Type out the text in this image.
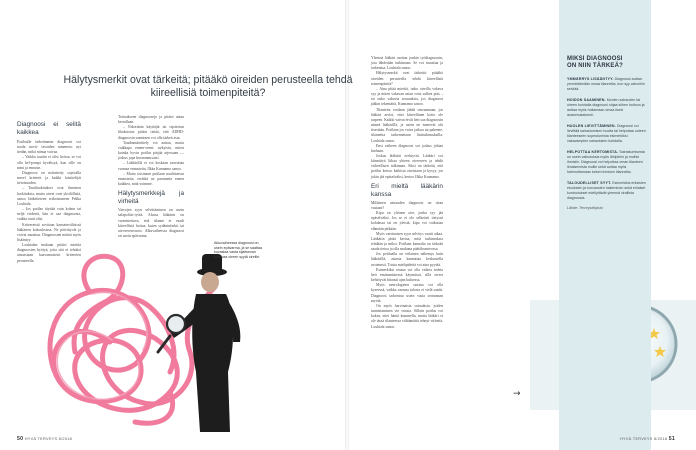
Hälytysmerkit ovat tärkeitä; pitääkö oireiden perusteella tehdä kiireellisiä toimenpiteitä?
Diagnoosi ei selitä kaikkea

Potilaalle tärkeämmin diagnoosi voi tuoda tarvit- tavaiden nimeneta: nyt tiedän, mikä minua vaivaa.

– Vaikka tautiin ei olisi hoitoa, se voi olla hel-pompi hyväksyä, kun sille on nimi ja ennuste.

Diagnoosi on määritetty sopivalla merel kriteerit ja kaikki käsittelijät tietoisuuden.

– Tautiluokitukset ovat ihmisten luokituksia, mutta oireet ovat yksilöllisiä, sanoo lääketieteen erikoistuneen Pekka Louhiala.

– Jos potilas täyttää vain kolme tai neljä viidestä, hän ei saa diagnoosia, vaikka tauti olisi.

Kriteereistä sovitaan kansainvälisissä lääkärien kokouksissa. Ne päivittyvät ja voivat muuttua. Diagnoosien määrä myös lisääntyy.

Louhialan mukaan pitäisi miettiä diagnoosien hyötyä, jotta sitä ei tehtäisi ainoastaan kaavamaisesti kriteerien perusteella.

Tottuakseen diagnooseja ja pitäisi antaa kerrallaan.

– Nikotiinin käyttäjät tai rajoitetun lihaksiston pitäisi tietää, että ADHD-diagnoosin saaminen voi olla tärkeä asia.

Taudinmäärittely voi auttaa, mutta vaikkapa ennen-seeni: nykyisin, miten kuinka hyvin potilas pärjää arjessaan — joskus jopa huononnuvasti.

– Lääkärillä ei voi koskaan saavuttaa varmaa ennustetta, Ilkka Kunnamo sanoo.

– Mutta toisinaan potilaan naulittaessa ennustetta, eivätkä ne paranneta ennen kaikkea, mitä voimme.

Hälytysmerkkejä ja virheitä

Vaivojen syyn selvittäminen on usein salapoliisi-työtä. Alussa lääkärin on varmistettava, että tilanne ei vaadi kiireellistä hoitoa, kuten sydäninfarkti tai aivoverenvuoto. Alkuvaiheessa diagnoosi on usein epävarma.

Alkuvaiheessa diagnoosi on usein epävarma, ja se saattaa kuvastaa vasta sijaitsevan toimivaa oireen syytä oireille.

Yleensä lääkäri asettaa jonkin työdiagnoosin, jota lähdetään tutkimaan. Se voi muuttua ja tarkentua, Louhiala sanoo.

Hälytysmerkit ovat tärkeitä: pitääkö oireiden perusteella tehdä kiireellisiä toimenpiteitä?

– Aina pitää miettiä, onko oireilla vakava syy ja miten vakavan asian voisi sulkea pois – tai onko vakavia seurauksia, jos diagnoosi jääkin tekemättä, Kunnamo sanoo.

Tilanteita voidaan jäädä seuraamaan, jos lääkäri arvioi, ettei kiireellinen hoito ole tarpeen. Kaikki vaivat eivät heti saa diagnoosin nimeä lääkärillä, ja usein ne menevät ohi itsestään. Potilaan jos vaiva jatkuu tai pahenee, tilannetta tarkennetaan lisätutkimuksilla, Louhiala sanoo.

Ensi vaiheen diagnoosi voi joskus johtaa harhaan.

Joskus lääkärit erehtyvät. Lääkäri voi kiinnittyä liikaa yhteen oireeseen ja tehdä virheellisen tulkinnan. Siksi on tärkeää, että potilas kertoo kaikista oireistaan ja kysyy, jos jokin jää epäselväksi, kertoo Ilkka Kunnamo.

Eri mieltä lääkärin kanssa

Millainen sairauden diagnoosi on ottaa vastaan?

Kipu on yleinen oire, jonka syy jää epäselväksi. Jos se ei ole selkeästi tietyssä kohdassa tai on yleistä, kipu voi vaikuttaa elämään pitkään.

Myös varsinaisen syyn selvitys vaatii aikaa. Lääkärin pitää kertoa, mitä tutkimuksia tehdään ja miksi. Potilaan kannalta on tärkeää saada tietoa ja olla mukana päätöksenteossa.

Jos potilaalla on erilainen näkemys kuin lääkärillä, asiasta kannattaa keskustella avoimesti. Toista mielipidettä voi aina pyytää.

Esimerkiksi reuma voi olla vaikea todeta heti ensimmäisessä käynnissä, sillä oireet kehittyvät hitaasti ajan kuluessa.

Myös neurologinen sairaus voi olla kyseessä, vaikka varmaa tulosta ei vielä saada. Diagnoosi tarkentuu usein vasta seurannan myötä.

On myös harvinaisia sairauksia, joiden tunnistaminen vie vuosia. Silloin potilas voi kokea, ettei häntä kuunnella, mutta lääkäri ei ole tässä tilanteessa välttämättä tehnyt virhettä, Louhiala sanoo.

MIKSI DIAGNOOSI
ON NIIN TÄRKEÄ?
YMMÄRRYS LISÄÄNTYY. Diagnoosi auttaa ymmärtämään omaa tilannetta, kun syy vaivoihin selviää.
HOIDON SAAMINEN. Monien sairauden tai oireen kohdalla diagnoosi ohjaa siihen hoitoon ja auttaa myös hoitamaan omaa itseä asianmukaisesti.
HUOLEN LIEVITTÄMINEN. Diagnoosi voi lievittää sairastumisen huolta tai helpottaa uuteen tilanteeseen sopeutumista esimerkiksi vakavampien sairauksien kohdalla.
HELPOTTAA KERTOMISTA. Sairastumisesta on usein vaikutuksia myös lähipiiriin ja muihin ihmisiin. Diagnoosi voi helpottaa oman tilanteen ilmaisemista muille sekä auttaa myös hahmottamaan toisen ihmisen tilannetta.
TALOUDELLISET SYYT. Esimerkiksi erilaisten etuuksien ja korvausten hakeminen sekä erilaiset kuntoutukset edellyttävät yleensä virallista diagnoosia.
Lähde: Terveyskirjasto
→
50 HYVÄ TERVEYS 8/2018	HYVÄ TERVEYS 8/2018 51
